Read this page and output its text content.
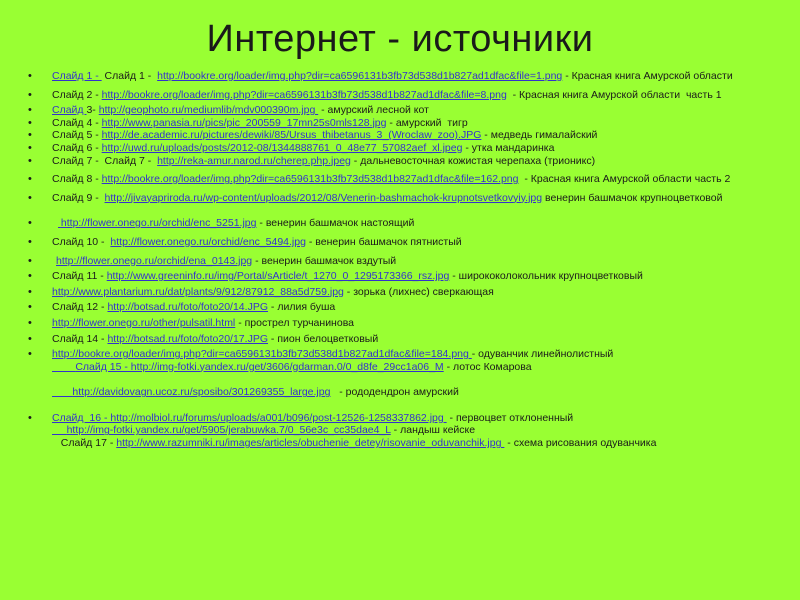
Интернет - источники
• Слайд 1 -  Слайд 1 -  http://bookre.org/loader/img.php?dir=ca6596131b3fb73d538d1b827ad1dfac&file=1.png - Красная книга Амурской области
• Слайд 2 - http://bookre.org/loader/img.php?dir=ca6596131b3fb73d538d1b827ad1dfac&file=8.png  - Красная книга Амурской области  часть 1
• Слайд 3- http://geophoto.ru/mediumlib/mdv000390m.jpg  - амурский лесной кот
• Слайд 4 - http://www.panasia.ru/pics/pic_200559_17mn25s0mls128.jpg - амурский  тигр
• Слайд 5 - http://de.academic.ru/pictures/dewiki/85/Ursus_thibetanus_3_(Wroclaw_zoo).JPG - медведь гималайский
• Слайд 6 - http://uwd.ru/uploads/posts/2012-08/1344888761_0_48e77_57082aef_xl.jpeg - утка мандаринка
• Слайд 7 -  Слайд 7 -  http://reka-amur.narod.ru/cherep.php.jpeg - дальневосточная кожистая черепаха (трионикс)
• Слайд 8 - http://bookre.org/loader/img.php?dir=ca6596131b3fb73d538d1b827ad1dfac&file=162.png  - Красная книга Амурской области часть 2
• Слайд 9 -  http://jivayapriroda.ru/wp-content/uploads/2012/08/Venerin-bashmachok-krupnotsvetkovyiy.jpg венерин башмачок крупноцветковой
•  http://flower.onego.ru/orchid/enc_5251.jpg - венерин башмачок настоящий
• Слайд 10 -  http://flower.onego.ru/orchid/enc_5494.jpg - венерин башмачок пятнистый
• http://flower.onego.ru/orchid/ena_0143.jpg - венерин башмачок вздутый
• Слайд 11 - http://www.greeninfo.ru/img/Portal/sArticle/t_1270_0_1295173366_rsz.jpg - ширококолокольник крупноцветковый
• http://www.plantarium.ru/dat/plants/9/912/87912_88a5d759.jpg - зорька (лихнес) сверкающая
• Слайд 12 - http://botsad.ru/foto/foto20/14.JPG - лилия буша
• http://flower.onego.ru/other/pulsatil.html - прострел турчанинова
• Слайд 14 - http://botsad.ru/foto/foto20/17.JPG - пион белоцветковый
• http://bookre.org/loader/img.php?dir=ca6596131b3fb73d538d1b827ad1dfac&file=184.png - одуванчик линейнолистный
Слайд 15 - http://img-fotki.yandex.ru/get/3606/gdarman.0/0_d8fe_29cc1a06_M - лотос Комарова
http://davidovagn.ucoz.ru/sposibo/301269355_large.jpg   - рододендрон амурский
• Слайд  16 - http://molbiol.ru/forums/uploads/a001/b096/post-12526-1258337862.jpg  - первоцвет отклоненный
http://img-fotki.yandex.ru/get/5905/jerabuwka.7/0_56e3c_cc35dae4_L - ландыш кейске
Слайд 17 - http://www.razumniki.ru/images/articles/obuchenie_detey/risovanie_oduvanchik.jpg  - схема рисования одуванчика
